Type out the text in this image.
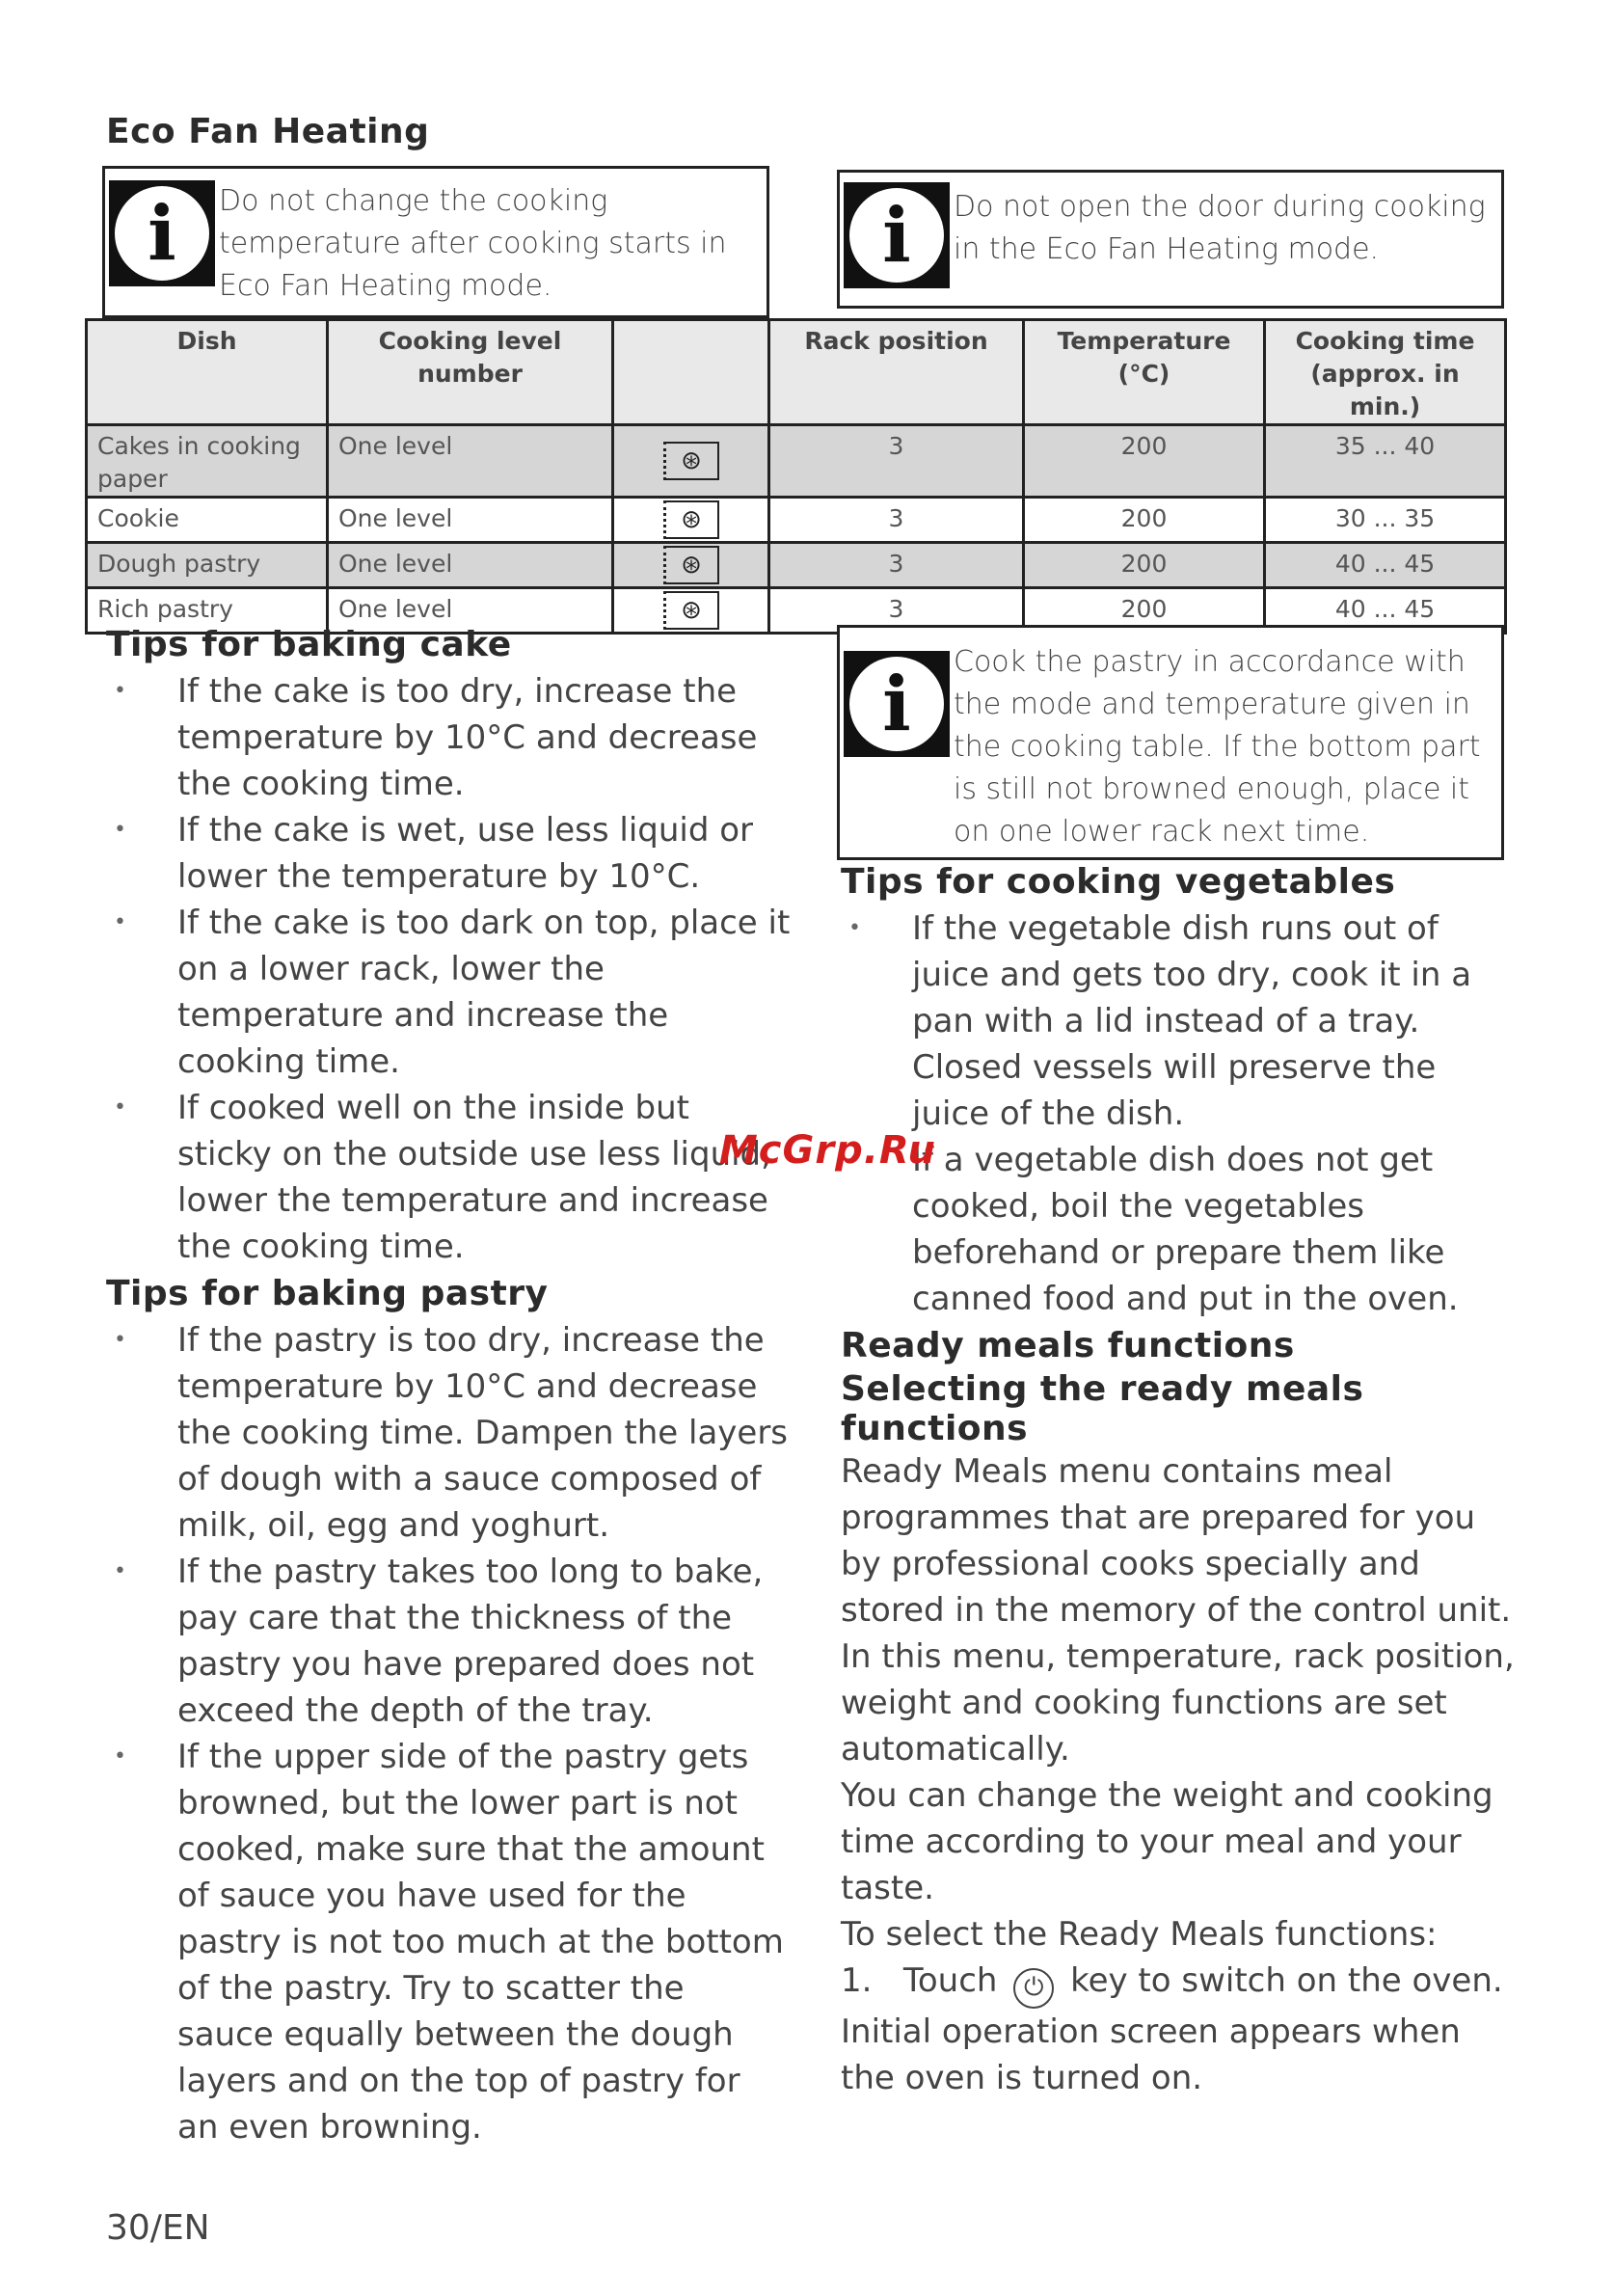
Eco Fan Heating
i	Do not change the cooking temperature after cooking starts in Eco Fan Heating mode.
i	Do not open the door during cooking in the Eco Fan Heating mode.
Dish	Cooking level number		Rack position	Temperature (°C)	Cooking time (approx. in min.)
Cakes in cooking paper	One level	⊛	3	200	35 ... 40
Cookie	One level	⊛	3	200	30 ... 35
Dough pastry	One level	⊛	3	200	40 ... 45
Rich pastry	One level	⊛	3	200	40 ... 45
Tips for baking cake
• If the cake is too dry, increase the temperature by 10°C and decrease the cooking time.
• If the cake is wet, use less liquid or lower the temperature by 10°C.
• If the cake is too dark on top, place it on a lower rack, lower the temperature and increase the cooking time.
• If cooked well on the inside but sticky on the outside use less liquid, lower the temperature and increase the cooking time.
Tips for baking pastry
• If the pastry is too dry, increase the temperature by 10°C and decrease the cooking time. Dampen the layers of dough with a sauce composed of milk, oil, egg and yoghurt.
• If the pastry takes too long to bake, pay care that the thickness of the pastry you have prepared does not exceed the depth of the tray.
• If the upper side of the pastry gets browned, but the lower part is not cooked, make sure that the amount of sauce you have used for the pastry is not too much at the bottom of the pastry. Try to scatter the sauce equally between the dough layers and on the top of pastry for an even browning.
i	Cook the pastry in accordance with the mode and temperature given in the cooking table. If the bottom part is still not browned enough, place it on one lower rack next time.
Tips for cooking vegetables
• If the vegetable dish runs out of juice and gets too dry, cook it in a pan with a lid instead of a tray. Closed vessels will preserve the juice of the dish.
• If a vegetable dish does not get cooked, boil the vegetables beforehand or prepare them like canned food and put in the oven.
Ready meals functions
Selecting the ready meals functions

Ready Meals menu contains meal programmes that are prepared for you by professional cooks specially and stored in the memory of the control unit.

In this menu, temperature, rack position, weight and cooking functions are set automatically.

You can change the weight and cooking time according to your meal and your taste.

To select the Ready Meals functions:

1. Touch ⏻ key to switch on the oven.

Initial operation screen appears when the oven is turned on.

McGrp.Ru
30/EN
